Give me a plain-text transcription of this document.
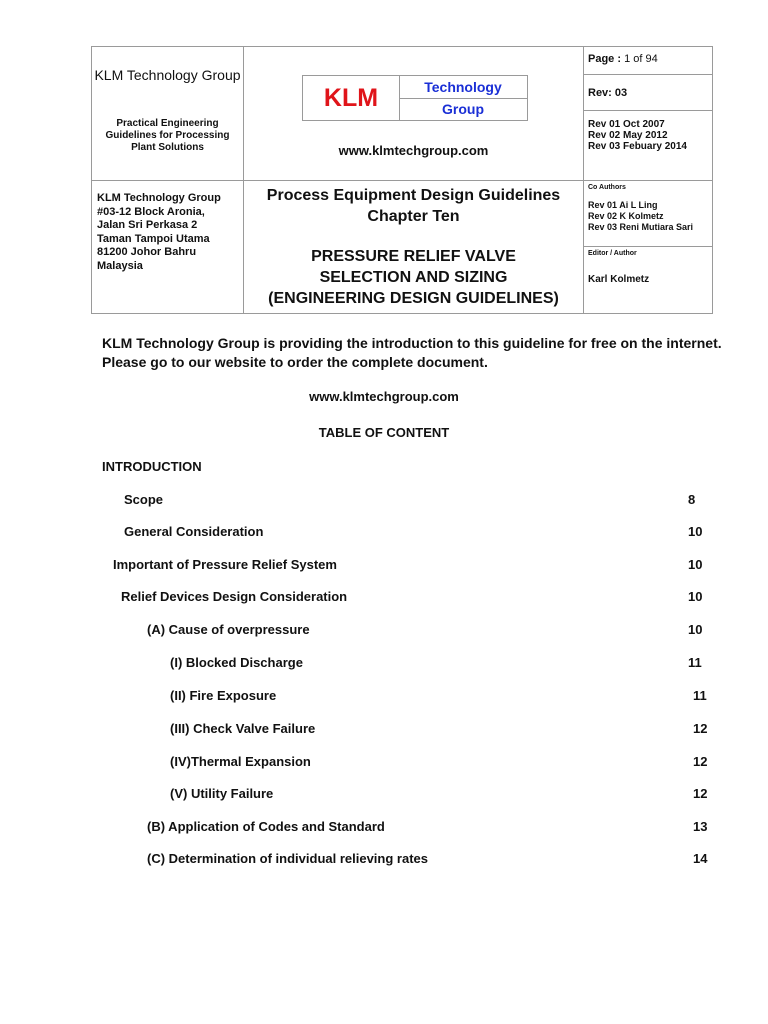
KLM Technology Group
Practical Engineering Guidelines for Processing Plant Solutions
KLM	Technology
Group
www.klmtechgroup.com
Page : 1 of 94
Rev: 03
Rev 01 Oct 2007
Rev 02 May 2012
Rev 03 Febuary 2014
KLM Technology Group
#03-12 Block Aronia,
Jalan Sri Perkasa 2
Taman Tampoi Utama
81200 Johor Bahru
Malaysia
Process Equipment Design Guidelines
Chapter Ten
PRESSURE RELIEF VALVE
SELECTION AND SIZING
(ENGINEERING DESIGN GUIDELINES)
Co Authors
Rev 01 Ai L Ling
Rev 02 K Kolmetz
Rev 03 Reni Mutiara Sari
Editor / Author
Karl Kolmetz
KLM Technology Group is providing the introduction to this guideline for free on the internet. Please go to our website to order the complete document.
www.klmtechgroup.com
TABLE OF CONTENT
INTRODUCTION
Scope	8
General Consideration	10
Important of Pressure Relief System	10
Relief Devices Design Consideration	10
(A) Cause of overpressure	10
(I) Blocked Discharge	11
(II) Fire Exposure	11
(III) Check Valve Failure	12
(IV)Thermal Expansion	12
(V) Utility Failure	12
(B) Application of Codes and Standard	13
(C) Determination of individual relieving rates	14
